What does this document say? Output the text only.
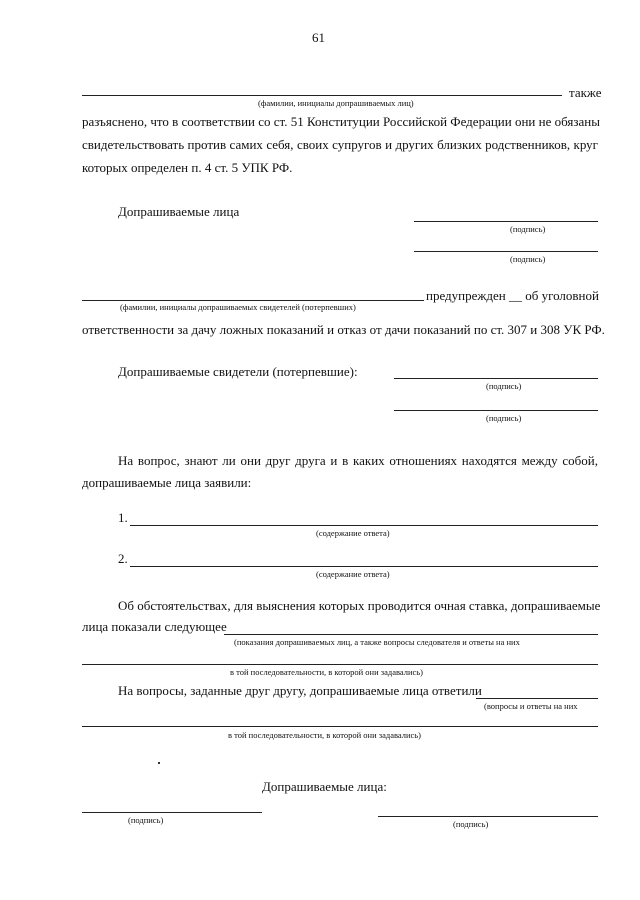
61
также
(фамилии, инициалы допрашиваемых лиц)
разъяснено, что в соответствии со ст. 51 Конституции Российской Федерации они не обязаны
свидетельствовать против самих себя, своих супругов и других близких родственников, круг
которых определен п. 4 ст. 5 УПК РФ.
Допрашиваемые лица
(подпись)
(подпись)
предупрежден __ об уголовной
(фамилии, инициалы допрашиваемых свидетелей (потерпевших)
ответственности за дачу ложных показаний и отказ от дачи показаний по ст. 307 и 308 УК РФ.
Допрашиваемые свидетели (потерпевшие):
(подпись)
(подпись)
На вопрос, знают ли они друг друга и в каких отношениях находятся между собой,
допрашиваемые лица заявили:
1.
(содержание ответа)
2.
(содержание ответа)
Об обстоятельствах, для выяснения которых проводится очная ставка, допрашиваемые
лица показали следующее
(показания допрашиваемых лиц, а также вопросы следователя и ответы на них
в той последовательности, в которой они задавались)
На вопросы, заданные друг другу, допрашиваемые лица ответили
(вопросы и ответы на них
в той последовательности, в которой они задавались)
Допрашиваемые лица:
(подпись)	(подпись)
